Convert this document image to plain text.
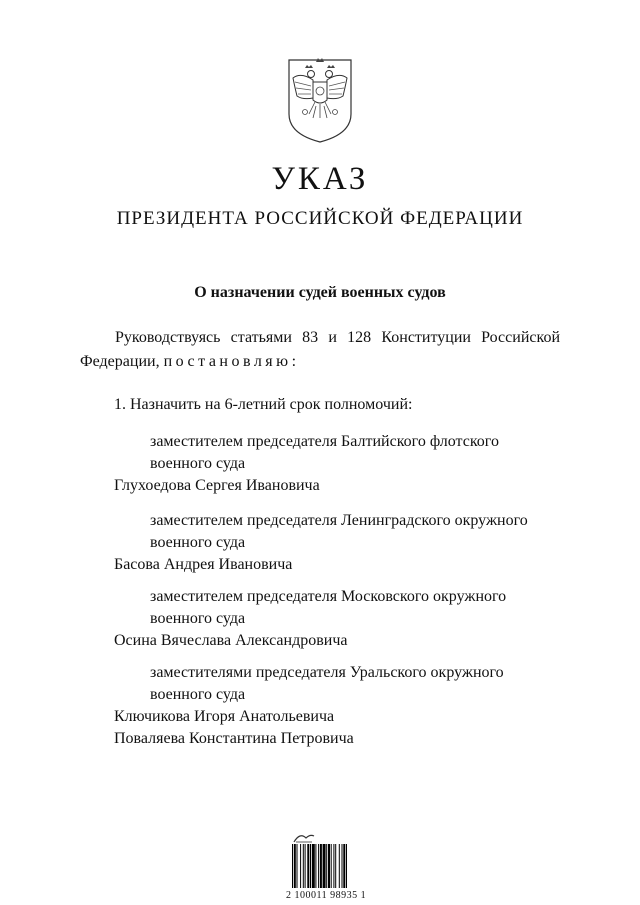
УКАЗ
ПРЕЗИДЕНТА РОССИЙСКОЙ ФЕДЕРАЦИИ
О назначении судей военных судов
Руководствуясь статьями 83 и 128 Конституции Российской
Федерации, постановляю:
1. Назначить на 6-летний срок полномочий:
заместителем председателя Балтийского флотского
военного суда
Глухоедова Сергея Ивановича
заместителем председателя Ленинградского окружного
военного суда
Басова Андрея Ивановича
заместителем председателя Московского окружного
военного суда
Осина Вячеслава Александровича
заместителями председателя Уральского окружного
военного суда
Ключикова Игоря Анатольевича
Поваляева Константина Петровича
2 100011 98935 1
